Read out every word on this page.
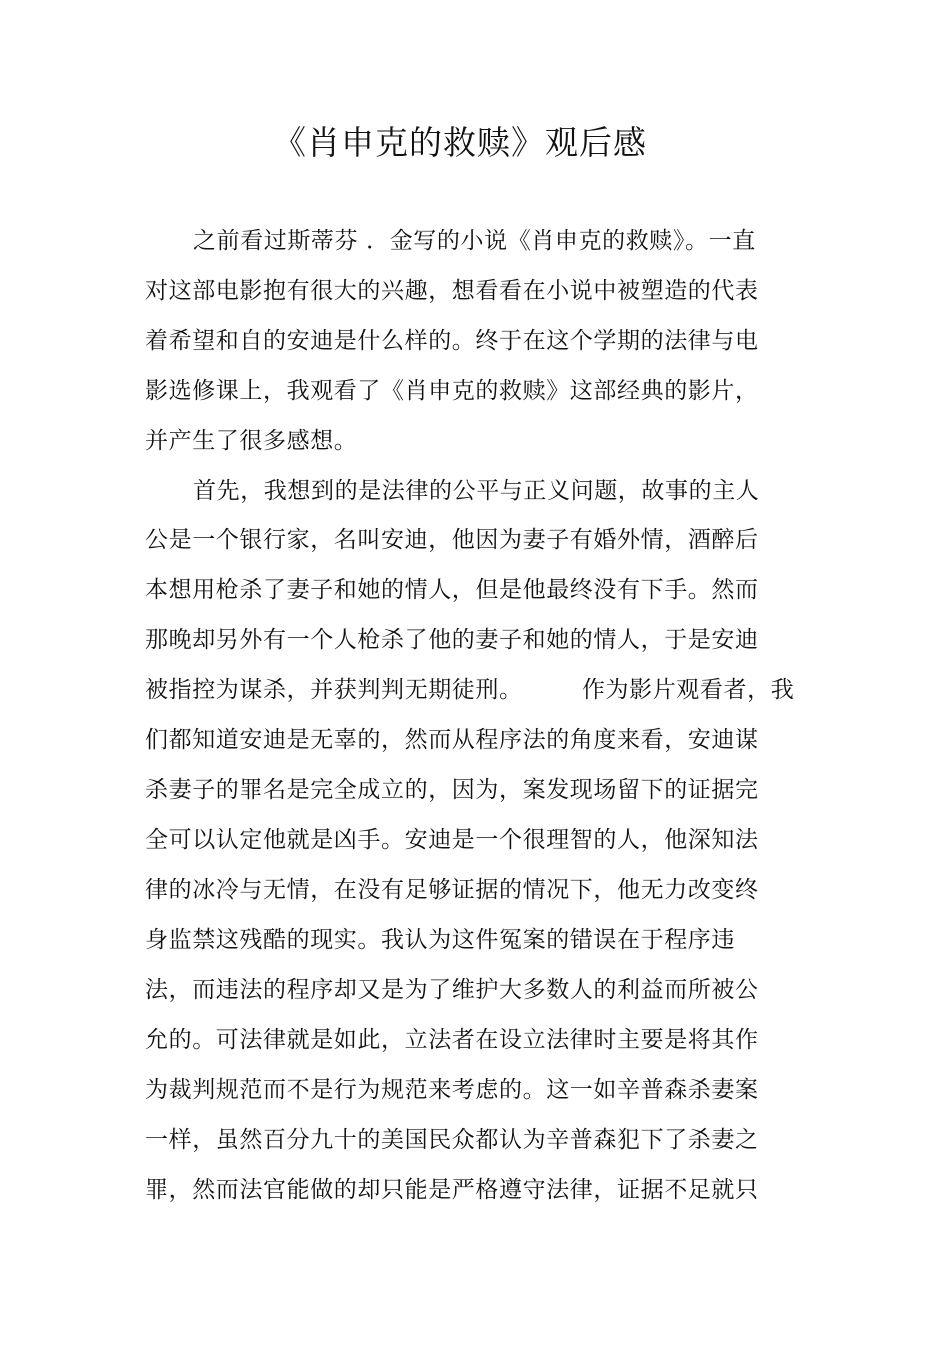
《肖申克的救赎》观后感
之前看过斯蒂芬 ．金写的小说《肖申克的救赎》。一直
对这部电影抱有很大的兴趣，想看看在小说中被塑造的代表
着希望和自的安迪是什么样的。终于在这个学期的法律与电
影选修课上，我观看了《肖申克的救赎》这部经典的影片，
并产生了很多感想。
首先，我想到的是法律的公平与正义问题，故事的主人
公是一个银行家，名叫安迪，他因为妻子有婚外情，酒醉后
本想用枪杀了妻子和她的情人，但是他最终没有下手。然而
那晚却另外有一个人枪杀了他的妻子和她的情人，于是安迪
被指控为谋杀，并获判判无期徒刑。　　　作为影片观看者，我
们都知道安迪是无辜的，然而从程序法的角度来看，安迪谋
杀妻子的罪名是完全成立的，因为，案发现场留下的证据完
全可以认定他就是凶手。安迪是一个很理智的人，他深知法
律的冰冷与无情，在没有足够证据的情况下，他无力改变终
身监禁这残酷的现实。我认为这件冤案的错误在于程序违
法，而违法的程序却又是为了维护大多数人的利益而所被公
允的。可法律就是如此，立法者在设立法律时主要是将其作
为裁判规范而不是行为规范来考虑的。这一如辛普森杀妻案
一样，虽然百分九十的美国民众都认为辛普森犯下了杀妻之
罪，然而法官能做的却只能是严格遵守法律，证据不足就只
